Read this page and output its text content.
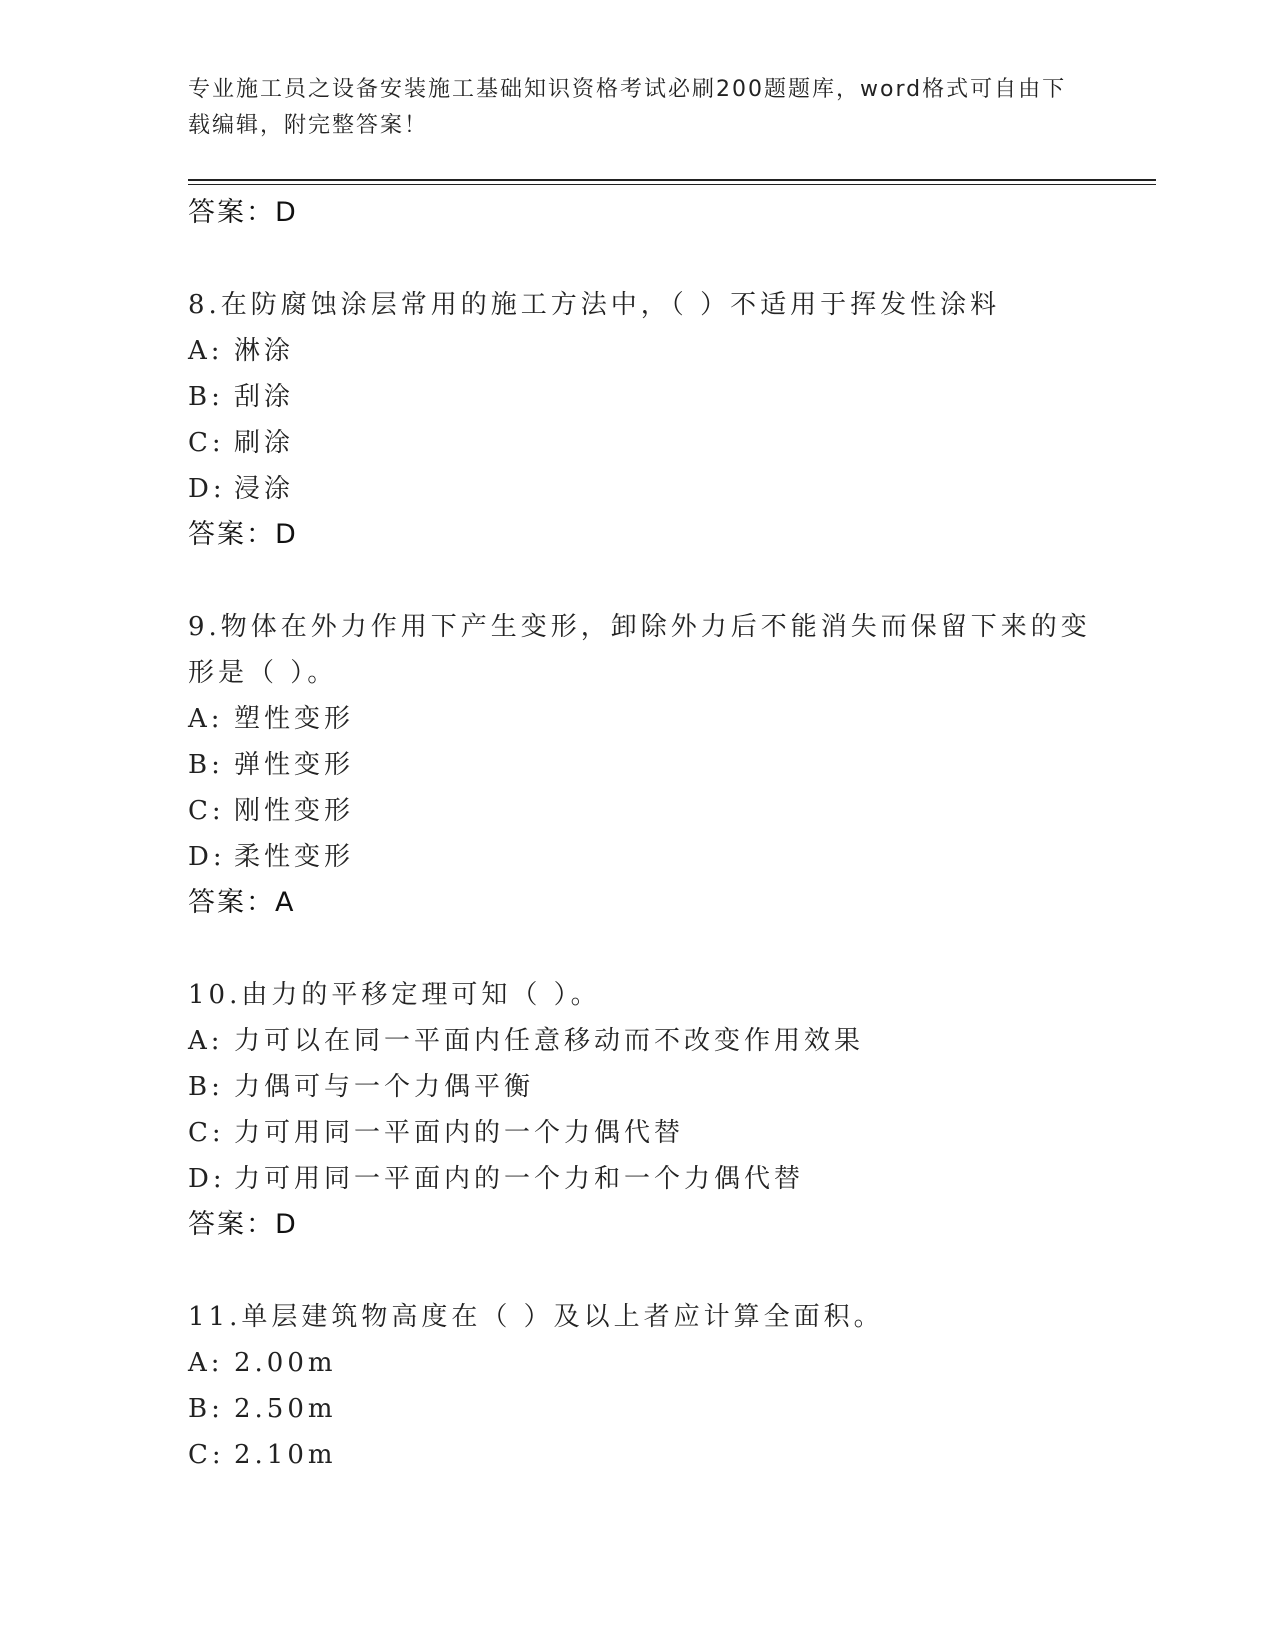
专业施工员之设备安装施工基础知识资格考试必刷200题题库，word格式可自由下载编辑，附完整答案！
答案：D
8.在防腐蚀涂层常用的施工方法中，（ ）不适用于挥发性涂料
A: 淋涂
B: 刮涂
C: 刷涂
D: 浸涂
答案：D
9.物体在外力作用下产生变形，卸除外力后不能消失而保留下来的变形是（ ）。
A: 塑性变形
B: 弹性变形
C: 刚性变形
D: 柔性变形
答案：A
10.由力的平移定理可知（ ）。
A: 力可以在同一平面内任意移动而不改变作用效果
B: 力偶可与一个力偶平衡
C: 力可用同一平面内的一个力偶代替
D: 力可用同一平面内的一个力和一个力偶代替
答案：D
11.单层建筑物高度在（ ）及以上者应计算全面积。
A: 2.00m
B: 2.50m
C: 2.10m
